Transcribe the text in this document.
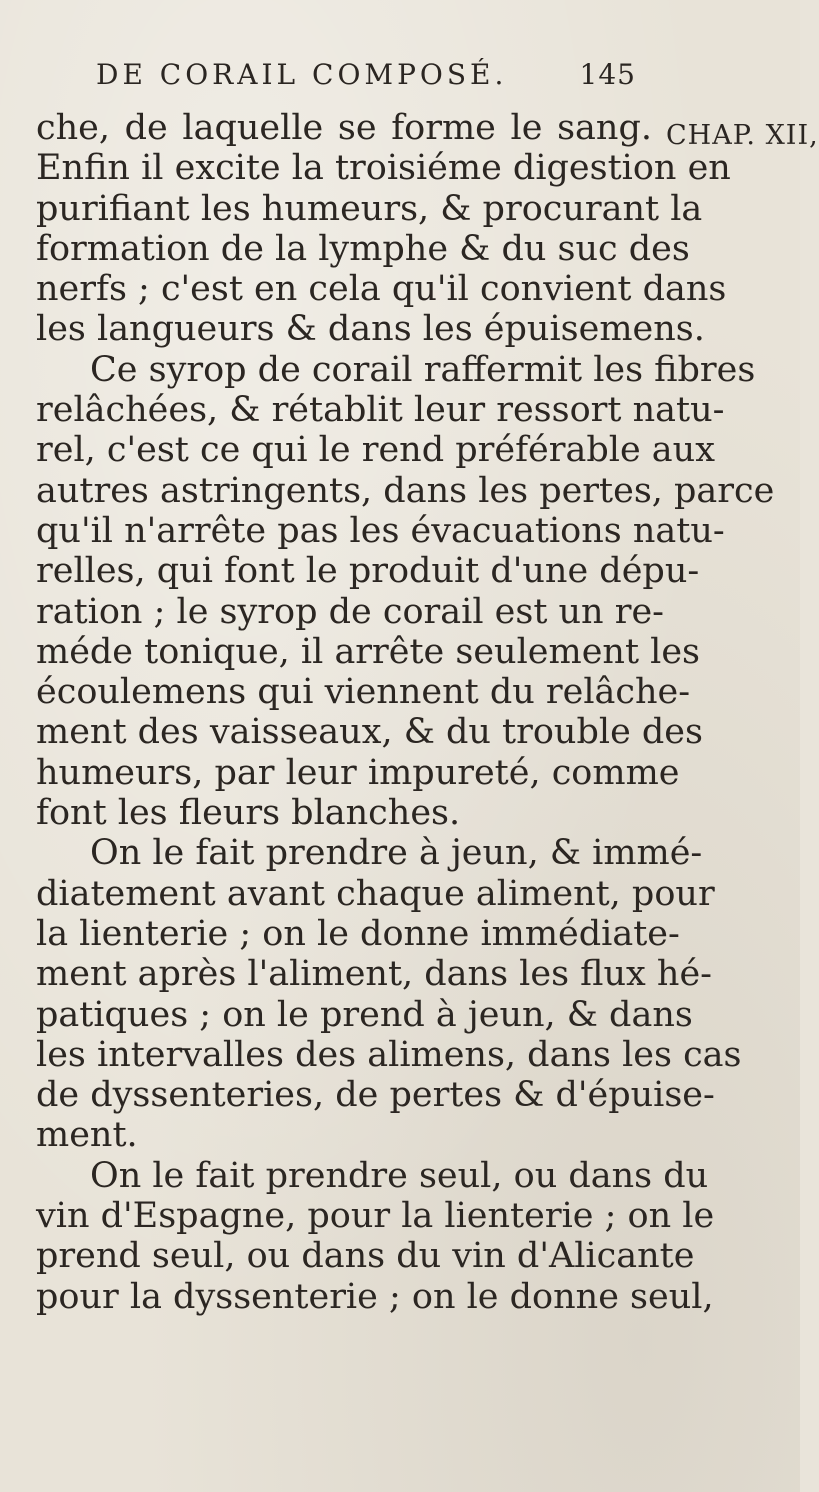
DE CORAIL COMPOSÉ.	145
CHAP. XII,
che, de laquelle se forme le sang.
Enfin il excite la troisiéme digestion en
purifiant les humeurs, & procurant la
formation de la lymphe & du suc des
nerfs ; c'est en cela qu'il convient dans
les langueurs & dans les épuisemens.
Ce syrop de corail raffermit les fibres
relâchées, & rétablit leur ressort natu-
rel, c'est ce qui le rend préférable aux
autres astringents, dans les pertes, parce
qu'il n'arrête pas les évacuations natu-
relles, qui font le produit d'une dépu-
ration ; le syrop de corail est un re-
méde tonique, il arrête seulement les
écoulemens qui viennent du relâche-
ment des vaisseaux, & du trouble des
humeurs, par leur impureté, comme
font les fleurs blanches.
On le fait prendre à jeun, & immé-
diatement avant chaque aliment, pour
la lienterie ; on le donne immédiate-
ment après l'aliment, dans les flux hé-
patiques ; on le prend à jeun, & dans
les intervalles des alimens, dans les cas
de dyssenteries, de pertes & d'épuise-
ment.
On le fait prendre seul, ou dans du
vin d'Espagne, pour la lienterie ; on le
prend seul, ou dans du vin d'Alicante
pour la dyssenterie ; on le donne seul,
